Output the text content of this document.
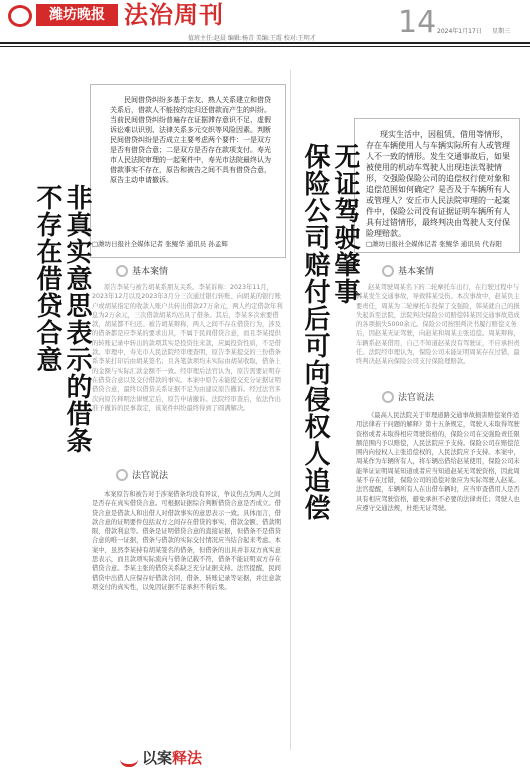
潍坊晚报 法治周刊	14 2024年1月17日 星期三
值班主任:赵晨 编辑:杨青 美编:王霞 校对:王明才

民间借贷纠纷多基于亲友、熟人关系建立和借贷关系后，借款人不能按约定归还借款而产生的纠纷。当前民间借贷纠纷普遍存在证据滞存意识不足、虚假诉讼难以识别、法律关系多元交织等风险因素。判断民间借贷纠纷是否成立主要考虑两个要件：一是双方是否有借贷合意；二是双方是否存在款项支付。寿光市人民法院审理的一起案件中，寿光市法院最终认为借款事实不存在，原告和被告之间不具有借贷合意，原告主动申请撤诉。

非真实意思表示的借条
不存在借贷合意	□潍坊日报社全媒体记者 张鲲华 通讯员 孙孟辉
基本案情

原告李某与被告胡某系朋友关系。李某诉称：2023年11月，2023年12月以及2023年3月分三次通过银行转账、向胡某的银行账户或胡某指定的收款人账户共转出借款27万余元，两人约定借款年利息为2万余元，三次借款胡某均出具了借条。其后，李某多次索要借款，胡某都不归还。被告胡某辩称，两人之间不存在借贷行为，涉及的借条都是应李某的要求出具，不属于民间借贷合意，而且李某提供的转账记录中转出的款项其实是投资往来款，应属投资性质，不是借款。审理中，寿光市人民法院经审理查明，原告李某提交的三份借条系李某打印后由胡某签名；且各笔款项均未实际由胡某收取，借条上的金额与实际汇款金额不一致。经审理后法官认为，原告需要证明存在借贷合意以及交付借款的事实。本案中原告未能提交充分证据证明借贷合意，最终以借贷关系证据不足为由建议原告撤诉。经过法官多次向原告释明法律规定后，原告申请撤诉。法院经审查后，依法作出准予撤诉的民事裁定，该案件纠纷最终得到了圆满解决。

法官说法

本案原告和被告对于涉案借条均没有异议，争议焦点为两人之间是否存在真实借贷合意。可根据证据综合判断借贷合意是否成立。借贷合意是借款人和出借人对借款事实的意思表示一致。具体而言，借款合意的证明要件包括双方之间存在借贷的事实、借款金额、借款期限、借款利息等。借条是证明借贷合意的直接证据，但借条不是借贷合意的唯一证据，借条与借款的实际交付情况应当结合起来考虑。本案中，虽然李某持有胡某签名的借条，但借条的出具并非双方真实意思表示，而且款项实际流向与借条记载不符，借条不能证明双方存在借贷合意。李某主张的借贷关系缺乏充分证据支持。法官提醒，民间借贷中出借人应保存好借款合同、借条、转账记录等证据，并注意款项交付的真实性，以免因证据不足承担不利后果。

现实生活中，因租赁、借用等情形，存在车辆使用人与车辆实际所有人或管理人不一致的情形。发生交通事故后，如果被使用的机动车驾驶人出现违法驾驶情形，交强险保险公司的追偿权行使对象和追偿范围如何确定？是否及于车辆所有人或管理人？安丘市人民法院审理的一起案件中，保险公司没有证据证明车辆所有人具有过错情形，最终判决由驾驶人支付保险理赔款。

无证驾驶肇事
保险公司赔付后可向侵权人追偿	□潍坊日报社全媒体记者 张鲲华 通讯员 代春阳
基本案情

赵某驾驶周某名下的二轮摩托车出行，在行驶过程中与韩某发生交通事故，导致韩某受伤。本次事故中，赵某负主要责任，周某为二轮摩托车投保了交强险，韩某就自己的损失起诉至法院，法院判决保险公司赔偿韩某因交通事故造成的各项损失5000余元。保险公司按照判决书履行赔偿义务后，因赵某无证驾驶，向赵某和周某主张追偿。周某辩称，车辆系赵某借用，自己不知道赵某没有驾驶证，不应承担责任。法院经审理认为，保险公司未能证明周某存在过错，最终判决赵某向保险公司支付保险理赔款。

法官说法

《最高人民法院关于审理道路交通事故损害赔偿案件适用法律若干问题的解释》第十五条规定，驾驶人未取得驾驶资格或者未取得相应驾驶资格的，保险公司在交强险责任限额范围内予以赔偿，人民法院应予支持。保险公司在赔偿范围内向侵权人主张追偿权的，人民法院应予支持。本案中，周某作为车辆所有人，将车辆出借给赵某使用，保险公司未能举证证明周某知道或者应当知道赵某无驾驶资格，因此周某不存在过错，保险公司的追偿对象应为实际驾驶人赵某。法官提醒，车辆所有人在出借车辆时，应当审查借用人是否具有相应驾驶资格，避免承担不必要的法律责任；驾驶人也应遵守交通法规，杜绝无证驾驶。

以案释法
